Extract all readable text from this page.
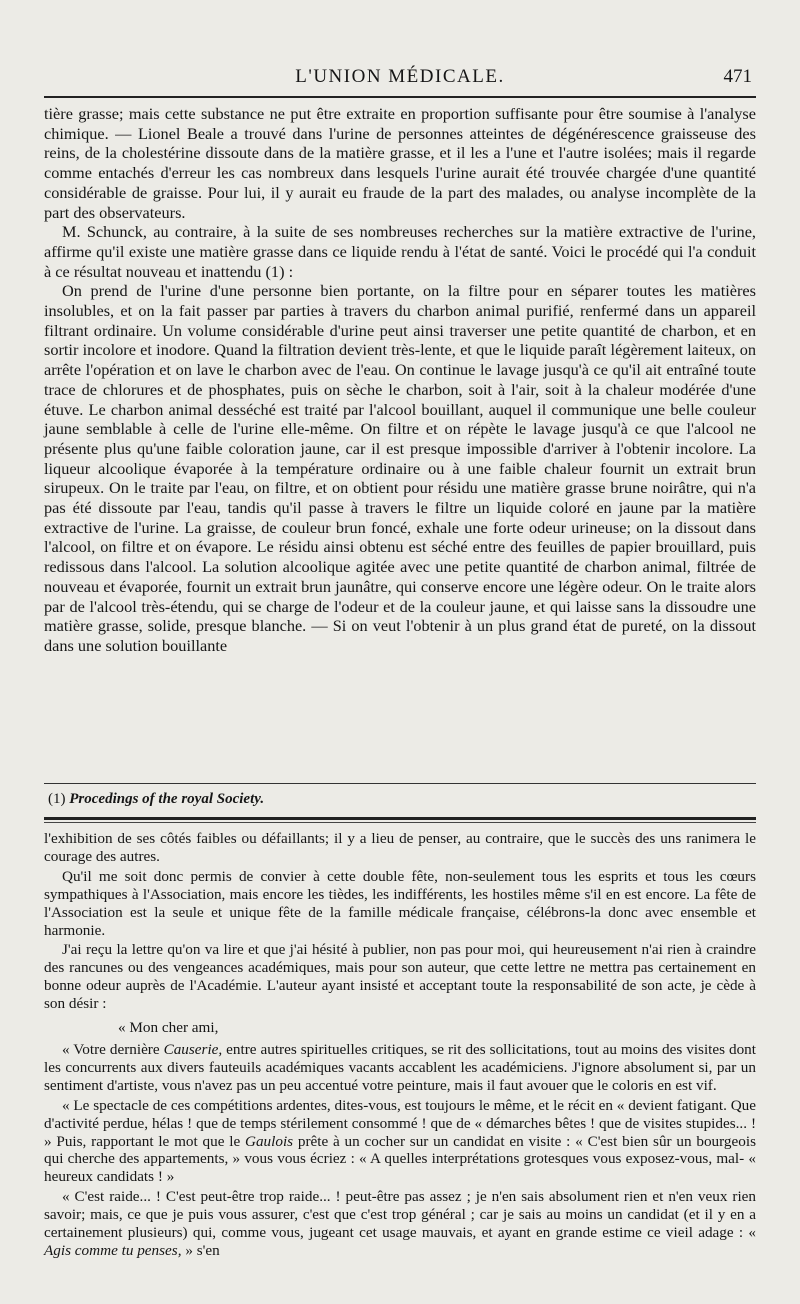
L'UNION MÉDICALE.	471

tière grasse; mais cette substance ne put être extraite en proportion suffisante pour être soumise à l'analyse chimique. — Lionel Beale a trouvé dans l'urine de personnes atteintes de dégénérescence graisseuse des reins, de la cholestérine dissoute dans de la matière grasse, et il les a l'une et l'autre isolées; mais il regarde comme entachés d'erreur les cas nombreux dans lesquels l'urine aurait été trouvée chargée d'une quantité considérable de graisse. Pour lui, il y aurait eu fraude de la part des malades, ou analyse incomplète de la part des observateurs.

M. Schunck, au contraire, à la suite de ses nombreuses recherches sur la matière extractive de l'urine, affirme qu'il existe une matière grasse dans ce liquide rendu à l'état de santé. Voici le procédé qui l'a conduit à ce résultat nouveau et inattendu (1) :

On prend de l'urine d'une personne bien portante, on la filtre pour en séparer toutes les matières insolubles, et on la fait passer par parties à travers du charbon animal purifié, renfermé dans un appareil filtrant ordinaire. Un volume considérable d'urine peut ainsi traverser une petite quantité de charbon, et en sortir incolore et inodore. Quand la filtration devient très-lente, et que le liquide paraît légèrement laiteux, on arrête l'opération et on lave le charbon avec de l'eau. On continue le lavage jusqu'à ce qu'il ait entraîné toute trace de chlorures et de phosphates, puis on sèche le charbon, soit à l'air, soit à la chaleur modérée d'une étuve. Le charbon animal desséché est traité par l'alcool bouillant, auquel il communique une belle couleur jaune semblable à celle de l'urine elle-même. On filtre et on répète le lavage jusqu'à ce que l'alcool ne présente plus qu'une faible coloration jaune, car il est presque impossible d'arriver à l'obtenir incolore. La liqueur alcoolique évaporée à la température ordinaire ou à une faible chaleur fournit un extrait brun sirupeux. On le traite par l'eau, on filtre, et on obtient pour résidu une matière grasse brune noirâtre, qui n'a pas été dissoute par l'eau, tandis qu'il passe à travers le filtre un liquide coloré en jaune par la matière extractive de l'urine. La graisse, de couleur brun foncé, exhale une forte odeur urineuse; on la dissout dans l'alcool, on filtre et on évapore. Le résidu ainsi obtenu est séché entre des feuilles de papier brouillard, puis redissous dans l'alcool. La solution alcoolique agitée avec une petite quantité de charbon animal, filtrée de nouveau et évaporée, fournit un extrait brun jaunâtre, qui conserve encore une légère odeur. On le traite alors par de l'alcool très-étendu, qui se charge de l'odeur et de la couleur jaune, et qui laisse sans la dissoudre une matière grasse, solide, presque blanche. — Si on veut l'obtenir à un plus grand état de pureté, on la dissout dans une solution bouillante

(1) Procedings of the royal Society.

l'exhibition de ses côtés faibles ou défaillants; il y a lieu de penser, au contraire, que le succès des uns ranimera le courage des autres.

Qu'il me soit donc permis de convier à cette double fête, non-seulement tous les esprits et tous les cœurs sympathiques à l'Association, mais encore les tièdes, les indifférents, les hostiles même s'il en est encore. La fête de l'Association est la seule et unique fête de la famille médicale française, célébrons-la donc avec ensemble et harmonie.

J'ai reçu la lettre qu'on va lire et que j'ai hésité à publier, non pas pour moi, qui heureusement n'ai rien à craindre des rancunes ou des vengeances académiques, mais pour son auteur, que cette lettre ne mettra pas certainement en bonne odeur auprès de l'Académie. L'auteur ayant insisté et acceptant toute la responsabilité de son acte, je cède à son désir :

« Mon cher ami,

« Votre dernière Causerie, entre autres spirituelles critiques, se rit des sollicitations, tout au moins des visites dont les concurrents aux divers fauteuils académiques vacants accablent les académiciens. J'ignore absolument si, par un sentiment d'artiste, vous n'avez pas un peu accentué votre peinture, mais il faut avouer que le coloris en est vif.

« Le spectacle de ces compétitions ardentes, dites-vous, est toujours le même, et le récit en « devient fatigant. Que d'activité perdue, hélas ! que de temps stérilement consommé ! que de « démarches bêtes ! que de visites stupides... ! » Puis, rapportant le mot que le Gaulois prête à un cocher sur un candidat en visite : « C'est bien sûr un bourgeois qui cherche des appartements, » vous vous écriez : « A quelles interprétations grotesques vous exposez-vous, mal- « heureux candidats ! »

« C'est raide... ! C'est peut-être trop raide... ! peut-être pas assez ; je n'en sais absolument rien et n'en veux rien savoir; mais, ce que je puis vous assurer, c'est que c'est trop général ; car je sais au moins un candidat (et il y en a certainement plusieurs) qui, comme vous, jugeant cet usage mauvais, et ayant en grande estime ce vieil adage : « Agis comme tu penses, » s'en
